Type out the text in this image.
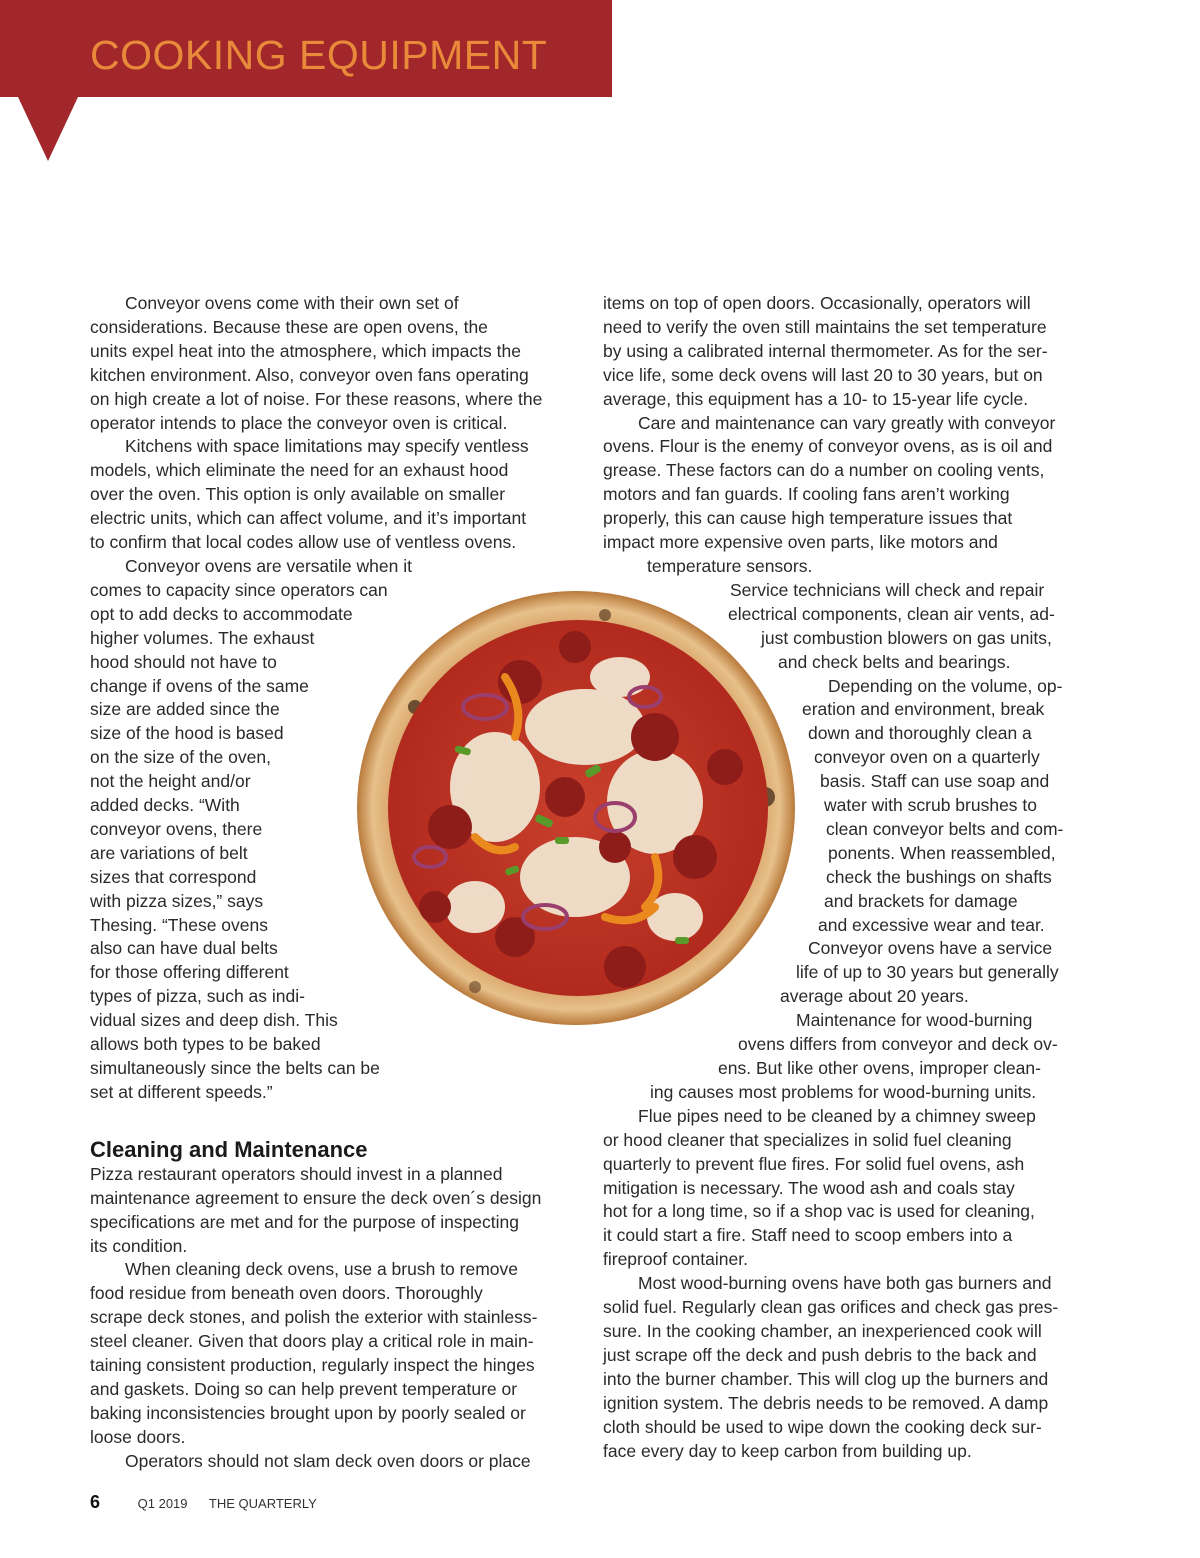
COOKING EQUIPMENT

Conveyor ovens come with their own set of
considerations. Because these are open ovens, the
units expel heat into the atmosphere, which impacts the
kitchen environment. Also, conveyor oven fans operating
on high create a lot of noise. For these reasons, where the
operator intends to place the conveyor oven is critical.

Kitchens with space limitations may specify ventless
models, which eliminate the need for an exhaust hood
over the oven. This option is only available on smaller
electric units, which can affect volume, and it’s important
to confirm that local codes allow use of ventless ovens.

Conveyor ovens are versatile when it
comes to capacity since operators can
opt to add decks to accommodate
higher volumes. The exhaust
hood should not have to
change if ovens of the same
size are added since the
size of the hood is based
on the size of the oven,
not the height and/or
added decks. “With
conveyor ovens, there
are variations of belt
sizes that correspond
with pizza sizes,” says
Thesing. “These ovens
also can have dual belts
for those offering different
types of pizza, such as indi-
vidual sizes and deep dish. This
allows both types to be baked
simultaneously since the belts can be
set at different speeds.”

Cleaning and Maintenance

Pizza restaurant operators should invest in a planned
maintenance agreement to ensure the deck oven´s design
specifications are met and for the purpose of inspecting
its condition.

When cleaning deck ovens, use a brush to remove
food residue from beneath oven doors. Thoroughly
scrape deck stones, and polish the exterior with stainless-
steel cleaner. Given that doors play a critical role in main-
taining consistent production, regularly inspect the hinges
and gaskets. Doing so can help prevent temperature or
baking inconsistencies brought upon by poorly sealed or
loose doors.

Operators should not slam deck oven doors or place

items on top of open doors. Occasionally, operators will
need to verify the oven still maintains the set temperature
by using a calibrated internal thermometer. As for the ser-
vice life, some deck ovens will last 20 to 30 years, but on
average, this equipment has a 10- to 15-year life cycle.

Care and maintenance can vary greatly with conveyor
ovens. Flour is the enemy of conveyor ovens, as is oil and
grease. These factors can do a number on cooling vents,
motors and fan guards. If cooling fans aren’t working
properly, this can cause high temperature issues that
impact more expensive oven parts, like motors and
temperature sensors.

Service technicians will check and repair
electrical components, clean air vents, ad-
just combustion blowers on gas units,
and check belts and bearings.

Depending on the volume, op-
eration and environment, break
down and thoroughly clean a
conveyor oven on a quarterly
basis. Staff can use soap and
water with scrub brushes to
clean conveyor belts and com-
ponents. When reassembled,
check the bushings on shafts
and brackets for damage
and excessive wear and tear.

Conveyor ovens have a service
life of up to 30 years but generally
average about 20 years.

Maintenance for wood-burning
ovens differs from conveyor and deck ov-
ens. But like other ovens, improper clean-
ing causes most problems for wood-burning units.

Flue pipes need to be cleaned by a chimney sweep
or hood cleaner that specializes in solid fuel cleaning
quarterly to prevent flue fires. For solid fuel ovens, ash
mitigation is necessary. The wood ash and coals stay
hot for a long time, so if a shop vac is used for cleaning,
it could start a fire. Staff need to scoop embers into a
fireproof container.

Most wood-burning ovens have both gas burners and
solid fuel. Regularly clean gas orifices and check gas pres-
sure. In the cooking chamber, an inexperienced cook will
just scrape off the deck and push debris to the back and
into the burner chamber. This will clog up the burners and
ignition system. The debris needs to be removed. A damp
cloth should be used to wipe down the cooking deck sur-
face every day to keep carbon from building up.

6	Q1 2019 THE QUARTERLY
